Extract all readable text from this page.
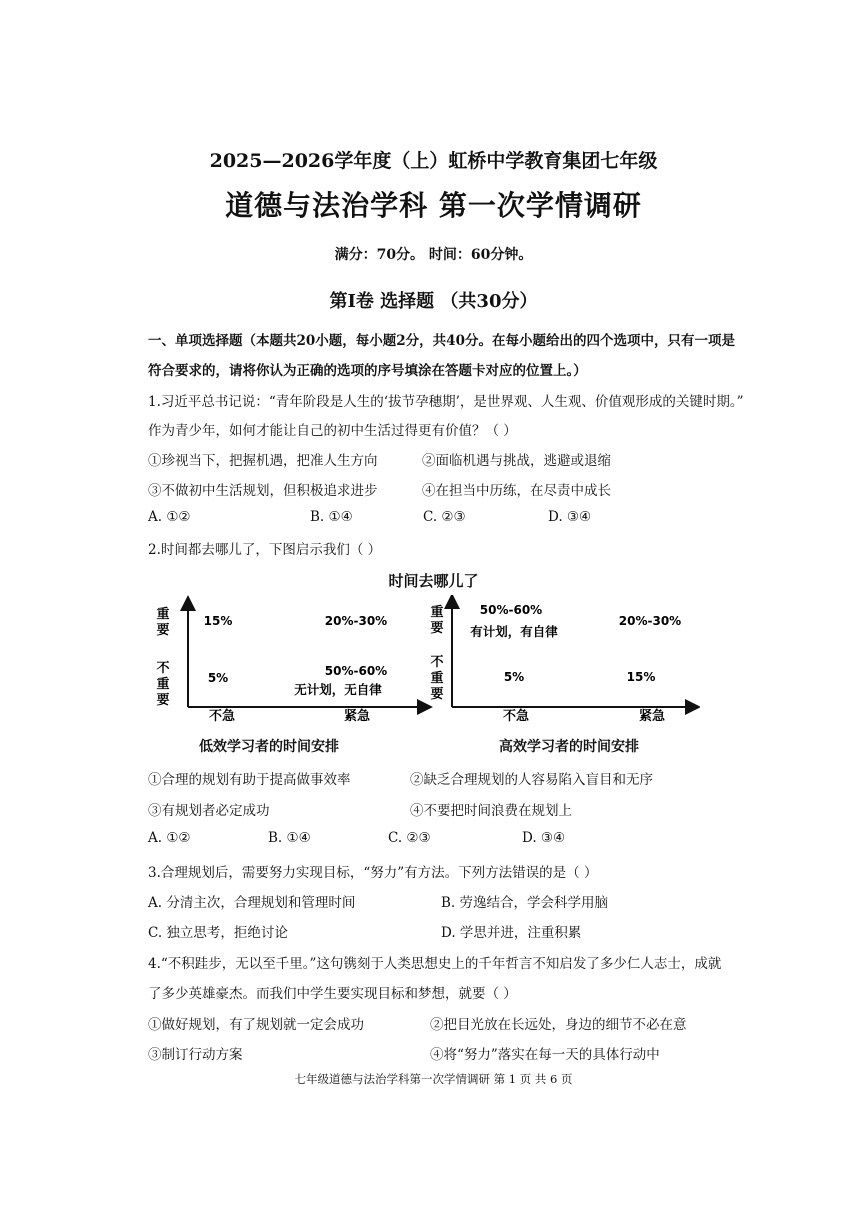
2025—2026学年度（上）虹桥中学教育集团七年级
道德与法治学科 第一次学情调研
满分：70分。 时间：60分钟。
第Ⅰ卷 选择题 （共30分）
一、单项选择题（本题共20小题，每小题2分，共40分。在每小题给出的四个选项中，只有一项是
符合要求的，请将你认为正确的选项的序号填涂在答题卡对应的位置上。）
1.习近平总书记说：“青年阶段是人生的‘拔节孕穗期’，是世界观、人生观、价值观形成的关键时期。”
作为青少年，如何才能让自己的初中生活过得更有价值？（ ）
①珍视当下，把握机遇，把准人生方向	②面临机遇与挑战，逃避或退缩
③不做初中生活规划，但积极追求进步	④在担当中历练，在尽责中成长
A. ①②	B. ①④	C. ②③	D. ③④
2.时间都去哪儿了，下图启示我们（ ）
时间去哪儿了
重
要
不
重
要
不急	紧急
15%	20%-30%
5%	50%-60%
无计划，无自律
重
要
不
重
要
不急	紧急
50%-60%
有计划，有自律
20%-30%
5%	15%
低效学习者的时间安排	高效学习者的时间安排
①合理的规划有助于提高做事效率	②缺乏合理规划的人容易陷入盲目和无序
③有规划者必定成功	④不要把时间浪费在规划上
A. ①②	B. ①④	C. ②③	D. ③④
3.合理规划后，需要努力实现目标，“努力”有方法。下列方法错误的是（ ）
A. 分清主次，合理规划和管理时间	B. 劳逸结合，学会科学用脑
C. 独立思考，拒绝讨论	D. 学思并进，注重积累
4.“不积跬步，无以至千里。”这句镌刻于人类思想史上的千年哲言不知启发了多少仁人志士，成就
了多少英雄豪杰。而我们中学生要实现目标和梦想，就要（ ）
①做好规划，有了规划就一定会成功	②把目光放在长远处，身边的细节不必在意
③制订行动方案	④将“努力”落实在每一天的具体行动中
七年级道德与法治学科第一次学情调研 第 1 页 共 6 页
